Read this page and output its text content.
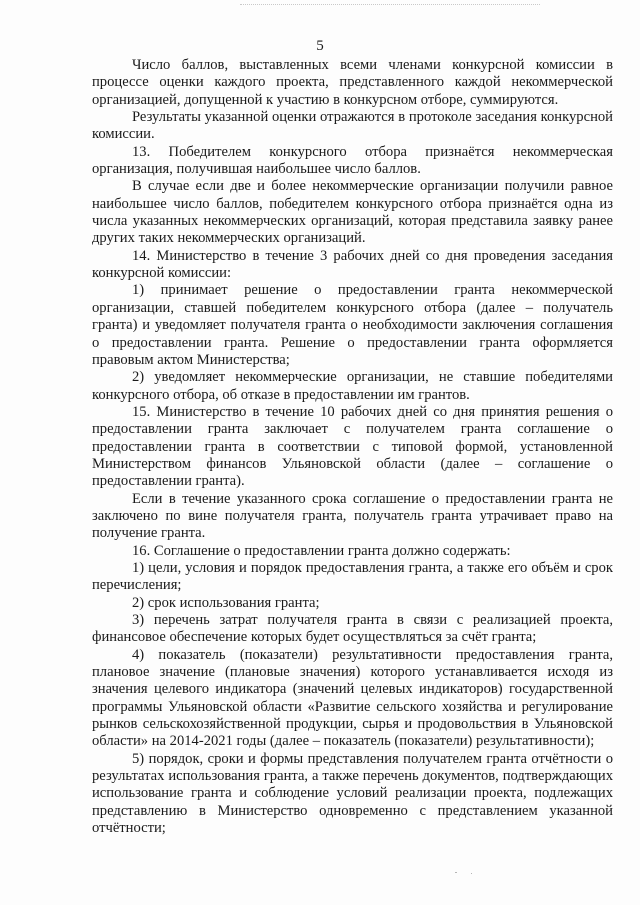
5

Число баллов, выставленных всеми членами конкурсной комиссии в процессе оценки каждого проекта, представленного каждой некоммерческой организацией, допущенной к участию в конкурсном отборе, суммируются.

Результаты указанной оценки отражаются в протоколе заседания конкурсной комиссии.

13. Победителем конкурсного отбора признаётся некоммерческая организация, получившая наибольшее число баллов.

В случае если две и более некоммерческие организации получили равное наибольшее число баллов, победителем конкурсного отбора признаётся одна из числа указанных некоммерческих организаций, которая представила заявку ранее других таких некоммерческих организаций.

14. Министерство в течение 3 рабочих дней со дня проведения заседания конкурсной комиссии:

1) принимает решение о предоставлении гранта некоммерческой организации, ставшей победителем конкурсного отбора (далее – получатель гранта) и уведомляет получателя гранта о необходимости заключения соглашения о предоставлении гранта. Решение о предоставлении гранта оформляется правовым актом Министерства;

2) уведомляет некоммерческие организации, не ставшие победителями конкурсного отбора, об отказе в предоставлении им грантов.

15. Министерство в течение 10 рабочих дней со дня принятия решения о предоставлении гранта заключает с получателем гранта соглашение о предоставлении гранта в соответствии с типовой формой, установленной Министерством финансов Ульяновской области (далее – соглашение о предоставлении гранта).

Если в течение указанного срока соглашение о предоставлении гранта не заключено по вине получателя гранта, получатель гранта утрачивает право на получение гранта.

16. Соглашение о предоставлении гранта должно содержать:

1) цели, условия и порядок предоставления гранта, а также его объём и срок перечисления;

2) срок использования гранта;

3) перечень затрат получателя гранта в связи с реализацией проекта, финансовое обеспечение которых будет осуществляться за счёт гранта;

4) показатель (показатели) результативности предоставления гранта, плановое значение (плановые значения) которого устанавливается исходя из значения целевого индикатора (значений целевых индикаторов) государственной программы Ульяновской области «Развитие сельского хозяйства и регулирование рынков сельскохозяйственной продукции, сырья и продовольствия в Ульяновской области» на 2014-2021 годы (далее – показатель (показатели) результативности);

5) порядок, сроки и формы представления получателем гранта отчётности о результатах использования гранта, а также перечень документов, подтверждающих использование гранта и соблюдение условий реализации проекта, подлежащих представлению в Министерство одновременно с представлением указанной отчётности;
